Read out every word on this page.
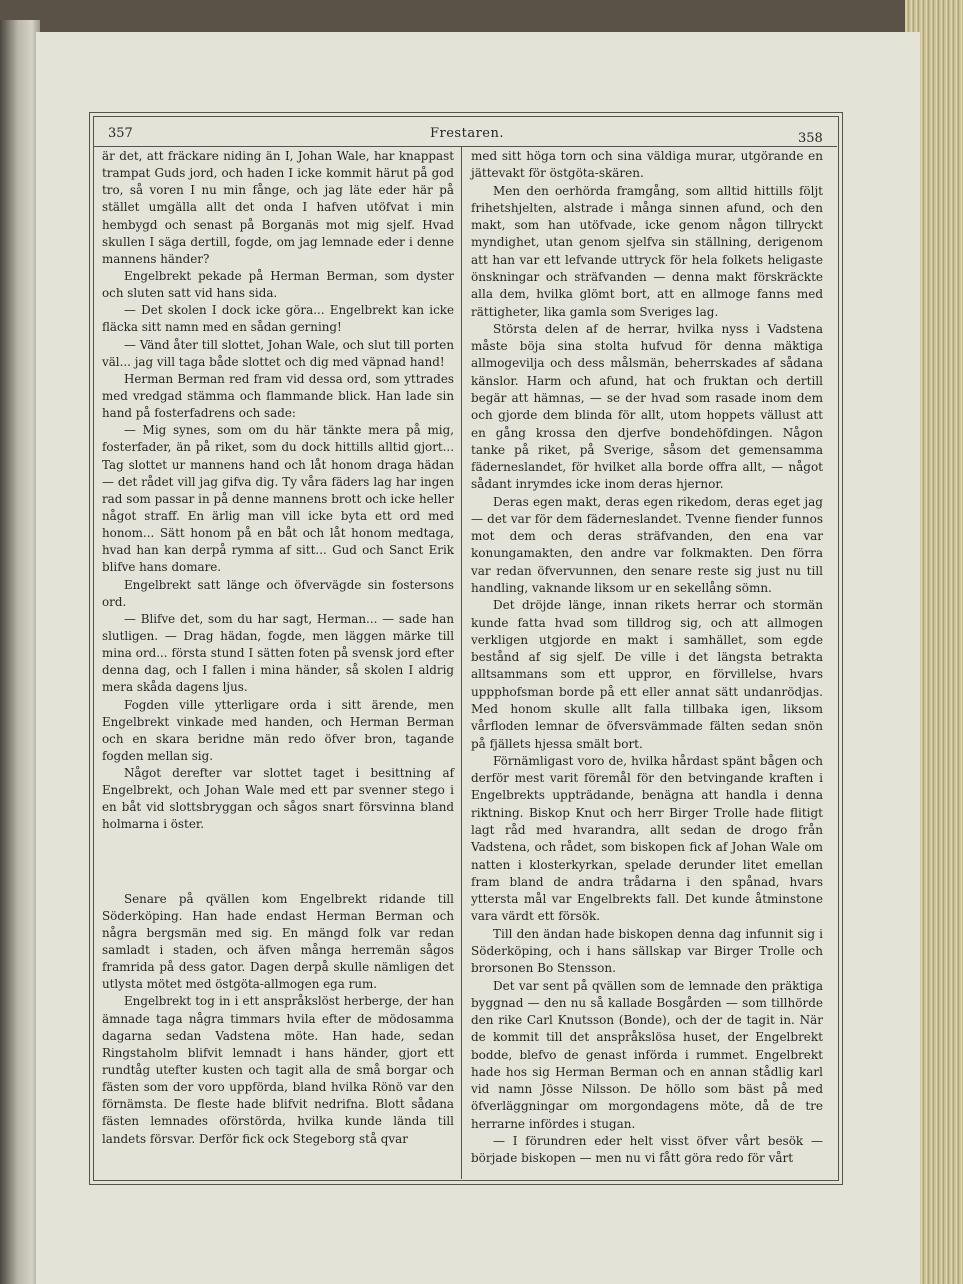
357	Frestaren.	358

är det, att fräckare niding än I, Johan Wale, har knappast trampat Guds jord, och haden I icke kommit härut på god tro, så voren I nu min fånge, och jag läte eder här på stället umgälla allt det onda I hafven utöfvat i min hembygd och senast på Borganäs mot mig sjelf. Hvad skullen I säga dertill, fogde, om jag lemnade eder i denne mannens händer?

Engelbrekt pekade på Herman Berman, som dyster och sluten satt vid hans sida.

— Det skolen I dock icke göra... Engelbrekt kan icke fläcka sitt namn med en sådan gerning!

— Vänd åter till slottet, Johan Wale, och slut till porten väl... jag vill taga både slottet och dig med väpnad hand!

Herman Berman red fram vid dessa ord, som yttrades med vredgad stämma och flammande blick. Han lade sin hand på fosterfadrens och sade:

— Mig synes, som om du här tänkte mera på mig, fosterfader, än på riket, som du dock hittills alltid gjort... Tag slottet ur mannens hand och låt honom draga hädan — det rådet vill jag gifva dig. Ty våra fäders lag har ingen rad som passar in på denne mannens brott och icke heller något straff. En ärlig man vill icke byta ett ord med honom... Sätt honom på en båt och låt honom medtaga, hvad han kan derpå rymma af sitt... Gud och Sanct Erik blifve hans domare.

Engelbrekt satt länge och öfvervägde sin fostersons ord.

— Blifve det, som du har sagt, Herman... — sade han slutligen. — Drag hädan, fogde, men läggen märke till mina ord... första stund I sätten foten på svensk jord efter denna dag, och I fallen i mina händer, så skolen I aldrig mera skåda dagens ljus.

Fogden ville ytterligare orda i sitt ärende, men Engelbrekt vinkade med handen, och Herman Berman och en skara beridne män redo öfver bron, tagande fogden mellan sig.

Något derefter var slottet taget i besittning af Engelbrekt, och Johan Wale med ett par svenner stego i en båt vid slottsbryggan och sågos snart försvinna bland holmarna i öster.

Senare på qvällen kom Engelbrekt ridande till Söderköping. Han hade endast Herman Berman och några bergsmän med sig. En mängd folk var redan samladt i staden, och äfven många herremän sågos framrida på dess gator. Dagen derpå skulle nämligen det utlysta mötet med östgöta-allmogen ega rum.

Engelbrekt tog in i ett anspråkslöst herberge, der han ämnade taga några timmars hvila efter de mödosamma dagarna sedan Vadstena möte. Han hade, sedan Ringstaholm blifvit lemnadt i hans händer, gjort ett rundtåg utefter kusten och tagit alla de små borgar och fästen som der voro uppförda, bland hvilka Rönö var den förnämsta. De fleste hade blifvit nedrifna. Blott sådana fästen lemnades oförstörda, hvilka kunde lända till landets försvar. Derför fick ock Stegeborg stå qvar

med sitt höga torn och sina väldiga murar, utgörande en jättevakt för östgöta-skären.

Men den oerhörda framgång, som alltid hittills följt frihetshjelten, alstrade i många sinnen afund, och den makt, som han utöfvade, icke genom någon tillryckt myndighet, utan genom sjelfva sin ställning, derigenom att han var ett lefvande uttryck för hela folkets heligaste önskningar och sträfvanden — denna makt förskräckte alla dem, hvilka glömt bort, att en allmoge fanns med rättigheter, lika gamla som Sveriges lag.

Största delen af de herrar, hvilka nyss i Vadstena måste böja sina stolta hufvud för denna mäktiga allmogevilja och dess målsmän, beherrskades af sådana känslor. Harm och afund, hat och fruktan och dertill begär att hämnas, — se der hvad som rasade inom dem och gjorde dem blinda för allt, utom hoppets vällust att en gång krossa den djerfve bondehöfdingen. Någon tanke på riket, på Sverige, såsom det gemensamma fäderneslandet, för hvilket alla borde offra allt, — något sådant inrymdes icke inom deras hjernor.

Deras egen makt, deras egen rikedom, deras eget jag — det var för dem fäderneslandet. Tvenne fiender funnos mot dem och deras sträfvanden, den ena var konungamakten, den andre var folkmakten. Den förra var redan öfvervunnen, den senare reste sig just nu till handling, vaknande liksom ur en sekellång sömn.

Det dröjde länge, innan rikets herrar och stormän kunde fatta hvad som tilldrog sig, och att allmogen verkligen utgjorde en makt i samhället, som egde bestånd af sig sjelf. De ville i det längsta betrakta alltsammans som ett uppror, en förvillelse, hvars uppphofsman borde på ett eller annat sätt undanrödjas. Med honom skulle allt falla tillbaka igen, liksom vårfloden lemnar de öfversvämmade fälten sedan snön på fjällets hjessa smält bort.

Förnämligast voro de, hvilka hårdast spänt bågen och derför mest varit föremål för den betvingande kraften i Engelbrekts uppträdande, benägna att handla i denna riktning. Biskop Knut och herr Birger Trolle hade flitigt lagt råd med hvarandra, allt sedan de drogo från Vadstena, och rådet, som biskopen fick af Johan Wale om natten i klosterkyrkan, spelade derunder litet emellan fram bland de andra trådarna i den spånad, hvars yttersta mål var Engelbrekts fall. Det kunde åtminstone vara värdt ett försök.

Till den ändan hade biskopen denna dag infunnit sig i Söderköping, och i hans sällskap var Birger Trolle och brorsonen Bo Stensson.

Det var sent på qvällen som de lemnade den präktiga byggnad — den nu så kallade Bosgården — som tillhörde den rike Carl Knutsson (Bonde), och der de tagit in. När de kommit till det anspråkslösa huset, der Engelbrekt bodde, blefvo de genast införda i rummet. Engelbrekt hade hos sig Herman Berman och en annan stådlig karl vid namn Jösse Nilsson. De höllo som bäst på med öfverläggningar om morgondagens möte, då de tre herrarne infördes i stugan.

— I förundren eder helt visst öfver vårt besök — började biskopen — men nu vi fått göra redo för vårt
